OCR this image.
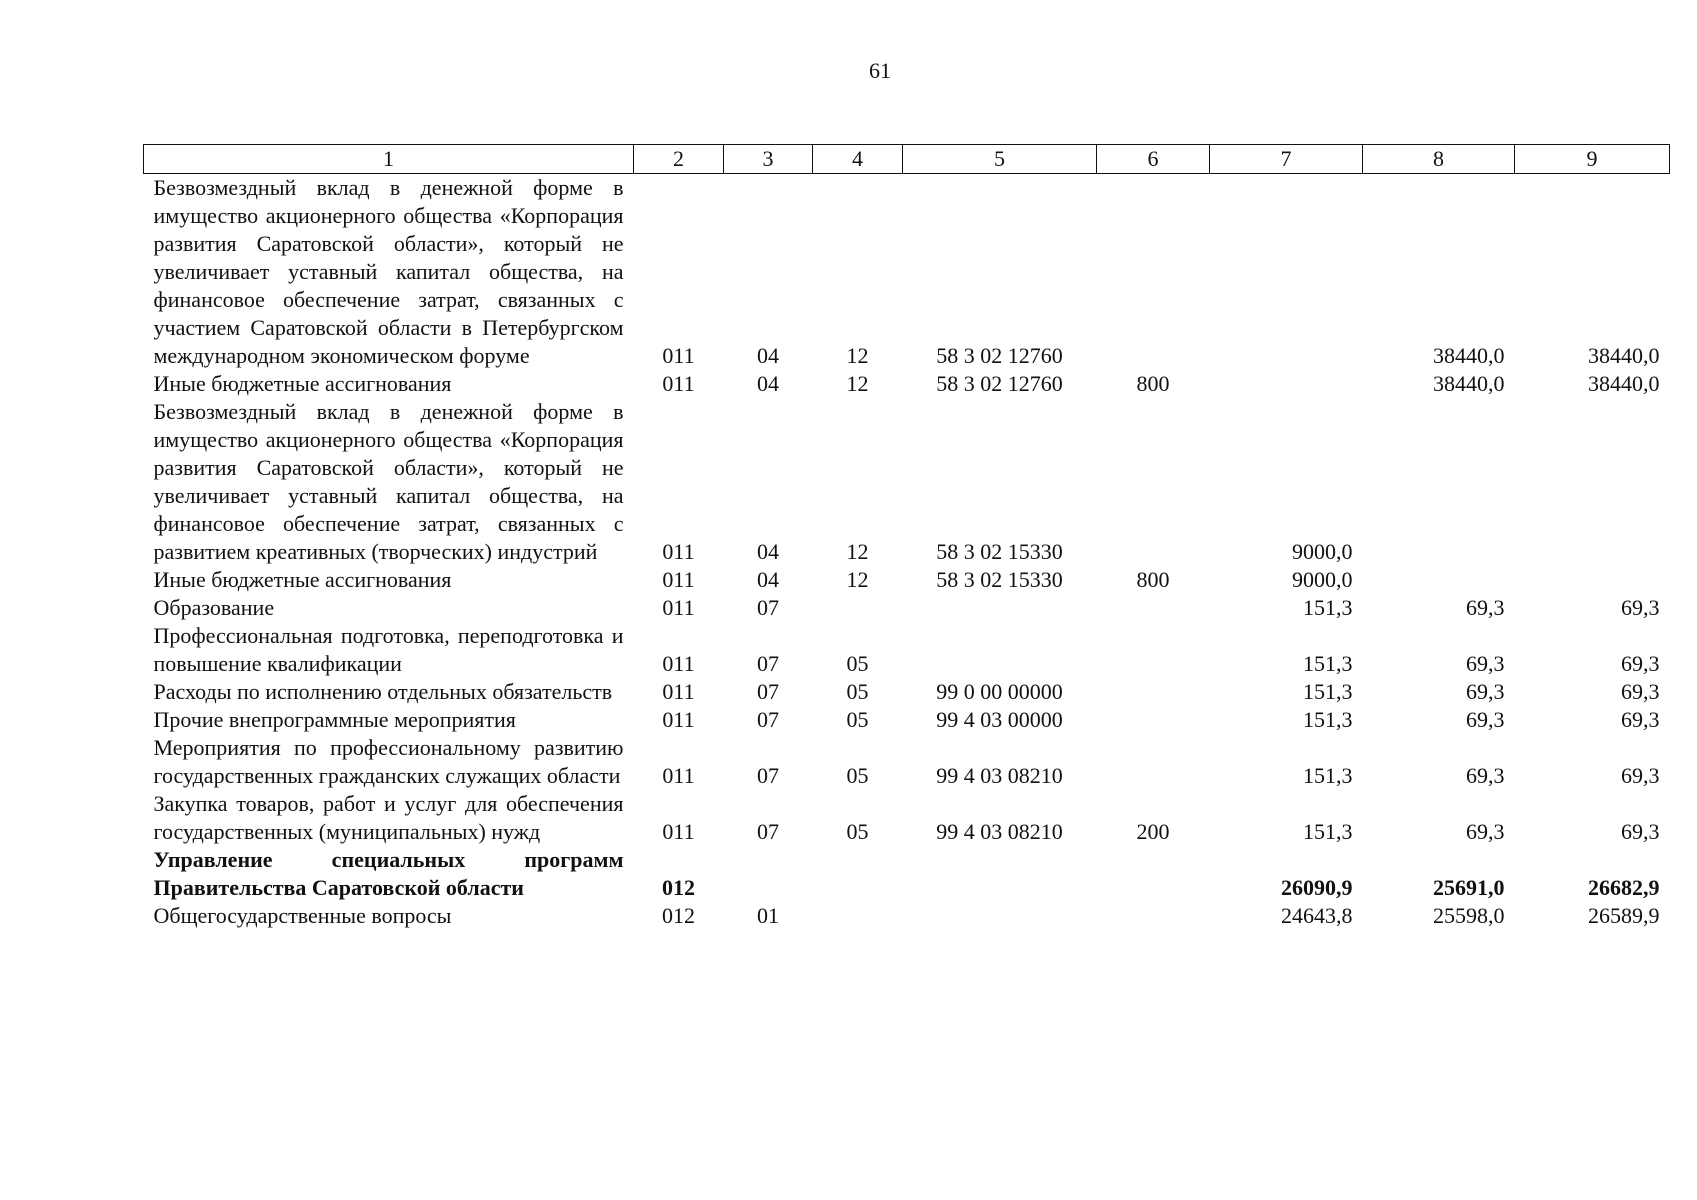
61
1	2	3	4	5	6	7	8	9
Безвозмездный вклад в денежной форме в имущество акционерного общества «Корпорация развития Саратовской области», который не увеличивает уставный капитал общества, на финансовое обеспечение затрат, связанных с участием Саратовской области в Петербургском международном экономическом форуме	011	04	12	58 3 02 12760			38440,0	38440,0
Иные бюджетные ассигнования	011	04	12	58 3 02 12760	800		38440,0	38440,0
Безвозмездный вклад в денежной форме в имущество акционерного общества «Корпорация развития Саратовской области», который не увеличивает уставный капитал общества, на финансовое обеспечение затрат, связанных с развитием креативных (творческих) индустрий	011	04	12	58 3 02 15330		9000,0		
Иные бюджетные ассигнования	011	04	12	58 3 02 15330	800	9000,0		
Образование	011	07				151,3	69,3	69,3
Профессиональная подготовка, переподготовка и повышение квалификации	011	07	05			151,3	69,3	69,3
Расходы по исполнению отдельных обязательств	011	07	05	99 0 00 00000		151,3	69,3	69,3
Прочие внепрограммные мероприятия	011	07	05	99 4 03 00000		151,3	69,3	69,3
Мероприятия по профессиональному развитию государственных гражданских служащих области	011	07	05	99 4 03 08210		151,3	69,3	69,3
Закупка товаров, работ и услуг для обеспечения государственных (муниципальных) нужд	011	07	05	99 4 03 08210	200	151,3	69,3	69,3
Управление специальных программ Правительства Саратовской области	012					26090,9	25691,0	26682,9
Общегосударственные вопросы	012	01				24643,8	25598,0	26589,9
